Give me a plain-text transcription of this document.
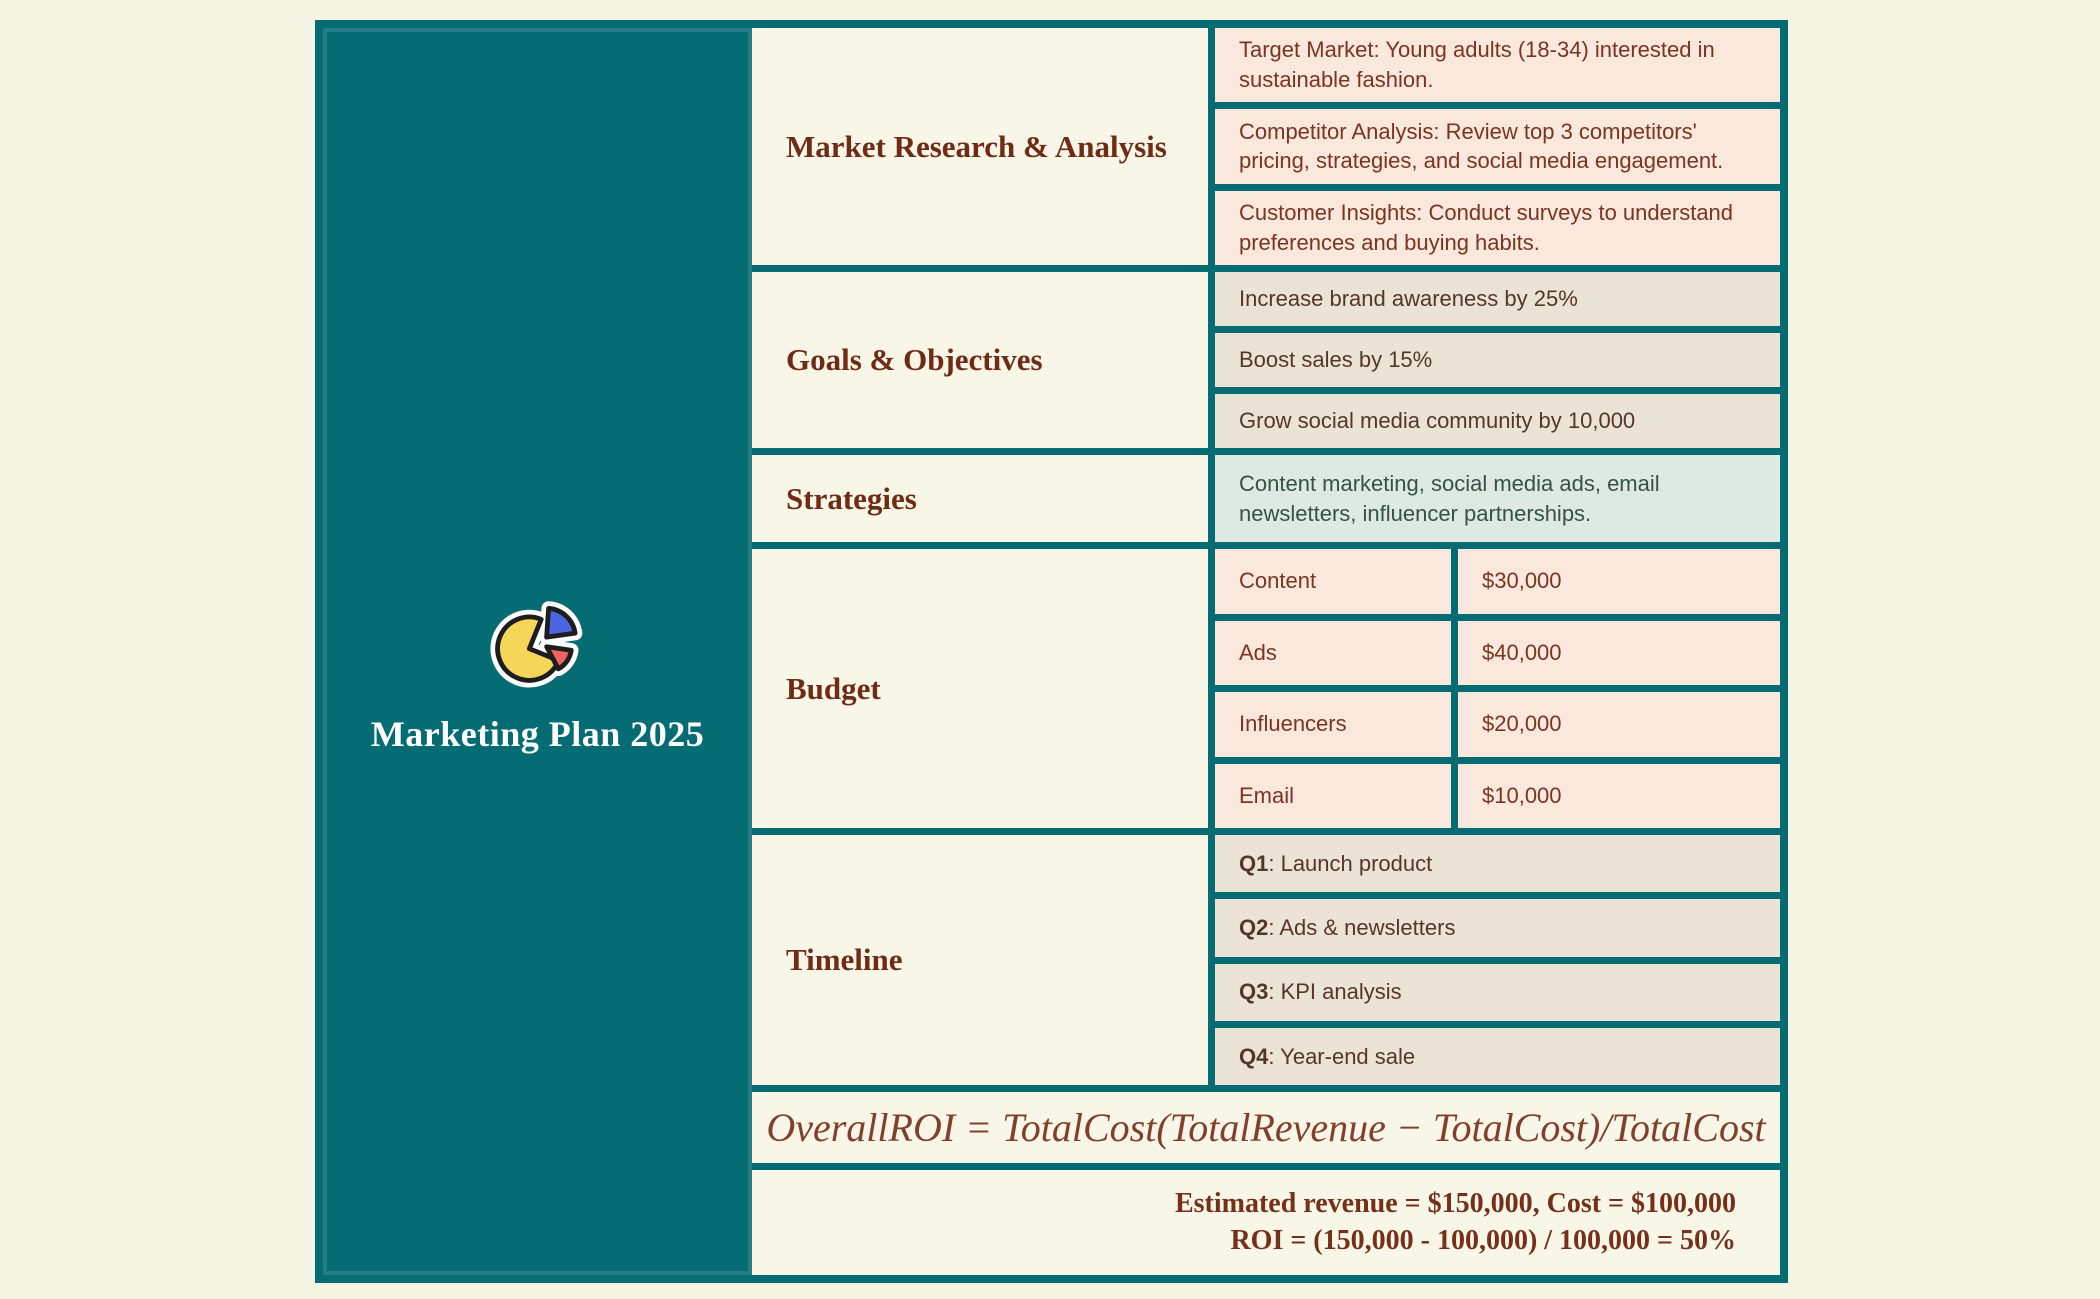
Marketing Plan 2025
Market Research & Analysis
Target Market: Young adults (18-34) interested in sustainable fashion.
Competitor Analysis: Review top 3 competitors' pricing, strategies, and social media engagement.
Customer Insights: Conduct surveys to understand preferences and buying habits.
Goals & Objectives
Increase brand awareness by 25%
Boost sales by 15%
Grow social media community by 10,000
Strategies	Content marketing, social media ads, email newsletters, influencer partnerships.
Budget
Content	$30,000
Ads	$40,000
Influencers	$20,000
Email	$10,000
Timeline
Q1 : Launch product
Q2 : Ads & newsletters
Q3 : KPI analysis
Q4 : Year-end sale
OverallROI = TotalCost(TotalRevenue − TotalCost)/TotalCost
Estimated revenue = $150,000, Cost = $100,000
ROI = (150,000 - 100,000) / 100,000 = 50%
